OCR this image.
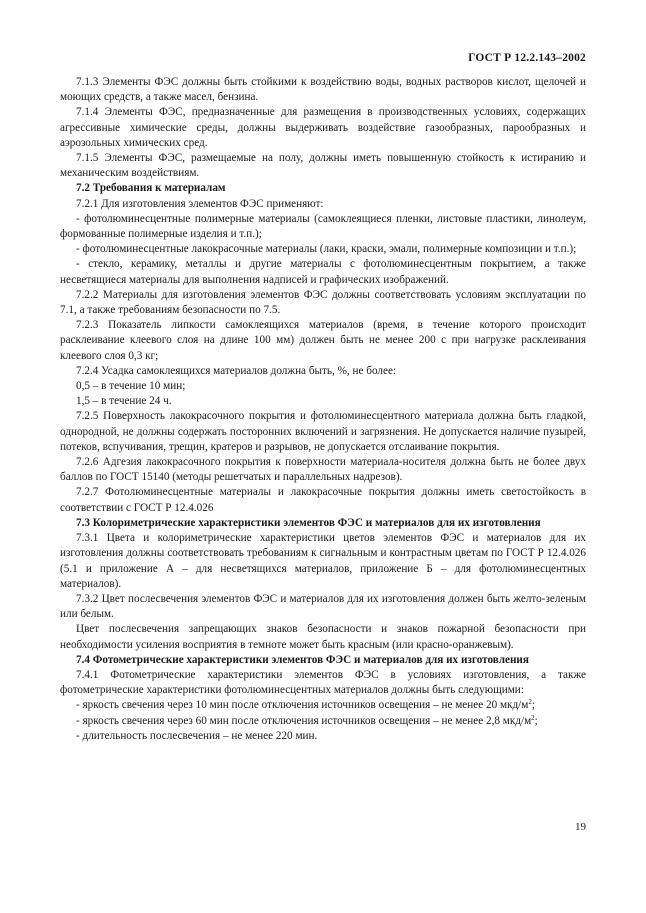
ГОСТ Р 12.2.143–2002

7.1.3 Элементы ФЭС должны быть стойкими к воздействию воды, водных растворов кислот, щелочей и моющих средств, а также масел, бензина.

7.1.4 Элементы ФЭС, предназначенные для размещения в производственных условиях, содержащих агрессивные химические среды, должны выдерживать воздействие газообразных, парообразных и аэрозольных химических сред.

7.1.5 Элементы ФЭС, размещаемые на полу, должны иметь повышенную стойкость к истиранию и механическим воздействиям.

7.2 Требования к материалам

7.2.1 Для изготовления элементов ФЭС применяют:

- фотолюминесцентные полимерные материалы (самоклеящиеся пленки, листовые пластики, линолеум, формованные полимерные изделия и т.п.);

- фотолюминесцентные лакокрасочные материалы (лаки, краски, эмали, полимерные композиции и т.п.);

- стекло, керамику, металлы и другие материалы с фотолюминесцентным покрытием, а также несветящиеся материалы для выполнения надписей и графических изображений.

7.2.2 Материалы для изготовления элементов ФЭС должны соответствовать условиям эксплуатации по 7.1, а также требованиям безопасности по 7.5.

7.2.3 Показатель липкости самоклеящихся материалов (время, в течение которого происходит расклеивание клеевого слоя на длине 100 мм) должен быть не менее 200 с при нагрузке расклеивания клеевого слоя 0,3 кг;

7.2.4 Усадка самоклеящихся материалов должна быть, %, не более:

0,5 – в течение 10 мин;

1,5 – в течение 24 ч.

7.2.5 Поверхность лакокрасочного покрытия и фотолюминесцентного материала должна быть гладкой, однородной, не должны содержать посторонних включений и загрязнения. Не допускается наличие пузырей, потеков, вспучивания, трещин, кратеров и разрывов, не допускается отслаивание покрытия.

7.2.6 Адгезия лакокрасочного покрытия к поверхности материала-носителя должна быть не более двух баллов по ГОСТ 15140 (методы решетчатых и параллельных надрезов).

7.2.7 Фотолюминесцентные материалы и лакокрасочные покрытия должны иметь светостойкость в соответствии с ГОСТ Р 12.4.026

7.3 Колориметрические характеристики элементов ФЭС и материалов для их изготовления

7.3.1 Цвета и колориметрические характеристики цветов элементов ФЭС и материалов для их изготовления должны соответствовать требованиям к сигнальным и контрастным цветам по ГОСТ Р 12.4.026 (5.1 и приложение А – для несветящихся материалов, приложение Б – для фотолюминесцентных материалов).

7.3.2 Цвет послесвечения элементов ФЭС и материалов для их изготовления должен быть желто-зеленым или белым.

Цвет послесвечения запрещающих знаков безопасности и знаков пожарной безопасности при необходимости усиления восприятия в темноте может быть красным (или красно-оранжевым).

7.4 Фотометрические характеристики элементов ФЭС и материалов для их изготовления

7.4.1 Фотометрические характеристики элементов ФЭС в условиях изготовления, а также фотометрические характеристики фотолюминесцентных материалов должны быть следующими:

- яркость свечения через 10 мин после отключения источников освещения – не менее 20 мкд/$м^2$;

- яркость свечения через 60 мин после отключения источников освещения – не менее 2,8 мкд/$м^2$;

- длительность послесвечения – не менее 220 мин.

19
